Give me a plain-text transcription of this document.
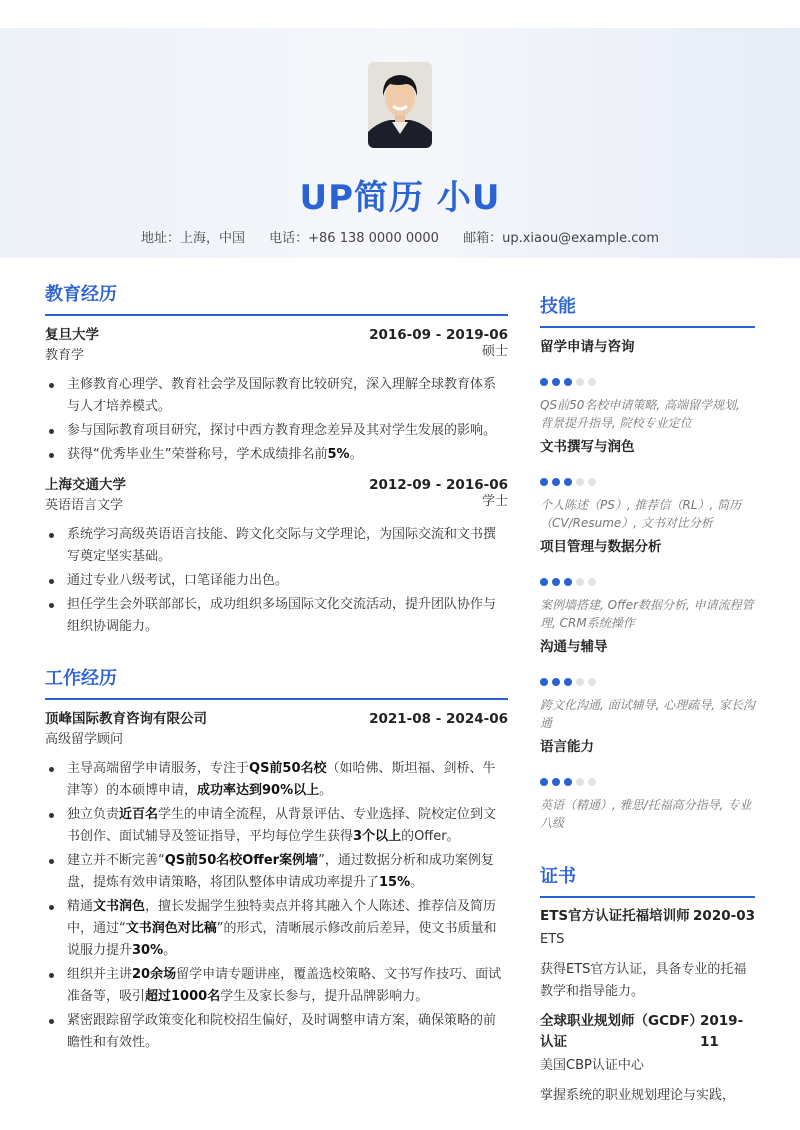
UP简历 小U
地址：上海，中国 电话：+86 138 0000 0000 邮箱：up.xiaou@example.com
教育经历
复旦大学	2016-09 - 2019-06
教育学	硕士
主修教育心理学、教育社会学及国际教育比较研究，深入理解全球教育体系与人才培养模式。
参与国际教育项目研究，探讨中西方教育理念差异及其对学生发展的影响。
获得“优秀毕业生”荣誉称号，学术成绩排名前5%。
上海交通大学	2012-09 - 2016-06
英语语言文学	学士
系统学习高级英语语言技能、跨文化交际与文学理论，为国际交流和文书撰写奠定坚实基础。
通过专业八级考试，口笔译能力出色。
担任学生会外联部部长，成功组织多场国际文化交流活动，提升团队协作与组织协调能力。
工作经历
顶峰国际教育咨询有限公司	2021-08 - 2024-06
高级留学顾问
主导高端留学申请服务，专注于QS前50名校（如哈佛、斯坦福、剑桥、牛津等）的本硕博申请，成功率达到90%以上。
独立负责近百名学生的申请全流程，从背景评估、专业选择、院校定位到文书创作、面试辅导及签证指导，平均每位学生获得3个以上的Offer。
建立并不断完善“QS前50名校Offer案例墙”，通过数据分析和成功案例复盘，提炼有效申请策略，将团队整体申请成功率提升了15%。
精通文书润色，擅长发掘学生独特卖点并将其融入个人陈述、推荐信及简历中，通过“文书润色对比稿”的形式，清晰展示修改前后差异，使文书质量和说服力提升30%。
组织并主讲20余场留学申请专题讲座，覆盖选校策略、文书写作技巧、面试准备等，吸引超过1000名学生及家长参与，提升品牌影响力。
紧密跟踪留学政策变化和院校招生偏好，及时调整申请方案，确保策略的前瞻性和有效性。
技能
留学申请与咨询
QS前50名校申请策略, 高端留学规划, 背景提升指导, 院校专业定位
文书撰写与润色
个人陈述（PS）, 推荐信（RL）, 简历（CV/Resume）, 文书对比分析
项目管理与数据分析
案例墙搭建, Offer数据分析, 申请流程管理, CRM系统操作
沟通与辅导
跨文化沟通, 面试辅导, 心理疏导, 家长沟通
语言能力
英语（精通）, 雅思/托福高分指导, 专业八级
证书
ETS官方认证托福培训师 2020-03
ETS
获得ETS官方认证，具备专业的托福教学和指导能力。
全球职业规划师（GCDF）认证
2019-11
美国CBP认证中心
掌握系统的职业规划理论与实践，
